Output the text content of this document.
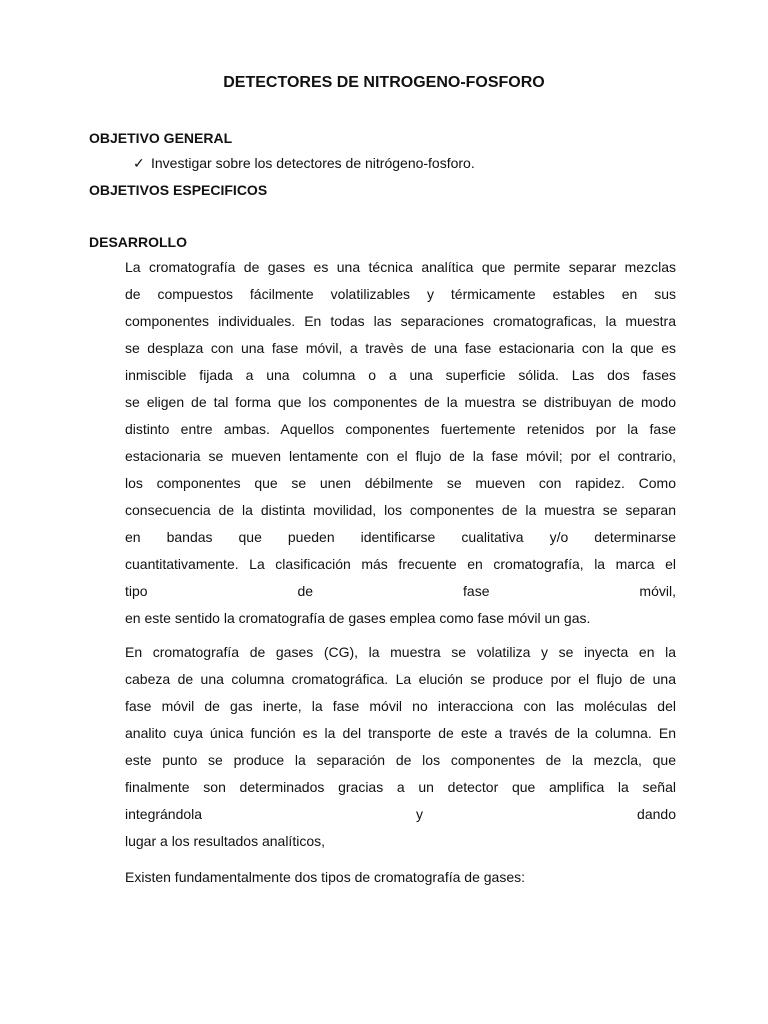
DETECTORES DE NITROGENO-FOSFORO
OBJETIVO GENERAL
✓ Investigar sobre los detectores de nitrógeno-fosforo.
OBJETIVOS ESPECIFICOS
DESARROLLO
La cromatografía de gases es una técnica analítica que permite separar mezclas
de compuestos fácilmente volatilizables y térmicamente estables en sus
componentes individuales. En todas las separaciones cromatograficas, la muestra
se desplaza con una fase móvil, a travès de una fase estacionaria con la que es
inmiscible fijada a una columna o a una superficie sólida. Las dos fases
se eligen de tal forma que los componentes de la muestra se distribuyan de modo
distinto entre ambas. Aquellos componentes fuertemente retenidos por la fase
estacionaria se mueven lentamente con el flujo de la fase móvil; por el contrario,
los componentes que se unen débilmente se mueven con rapidez. Como
consecuencia de la distinta movilidad, los componentes de la muestra se separan
en bandas que pueden identificarse cualitativa y/o determinarse
cuantitativamente. La clasificación más frecuente en cromatografía, la marca el
tipo de fase móvil,
en este sentido la cromatografía de gases emplea como fase móvil un gas.
En cromatografía de gases (CG), la muestra se volatiliza y se inyecta en la
cabeza de una columna cromatográfica. La elución se produce por el flujo de una
fase móvil de gas inerte, la fase móvil no interacciona con las moléculas del
analito cuya única función es la del transporte de este a través de la columna. En
este punto se produce la separación de los componentes de la mezcla, que
finalmente son determinados gracias a un detector que amplifica la señal
integrándola y dando
lugar a los resultados analíticos,
Existen fundamentalmente dos tipos de cromatografía de gases:
